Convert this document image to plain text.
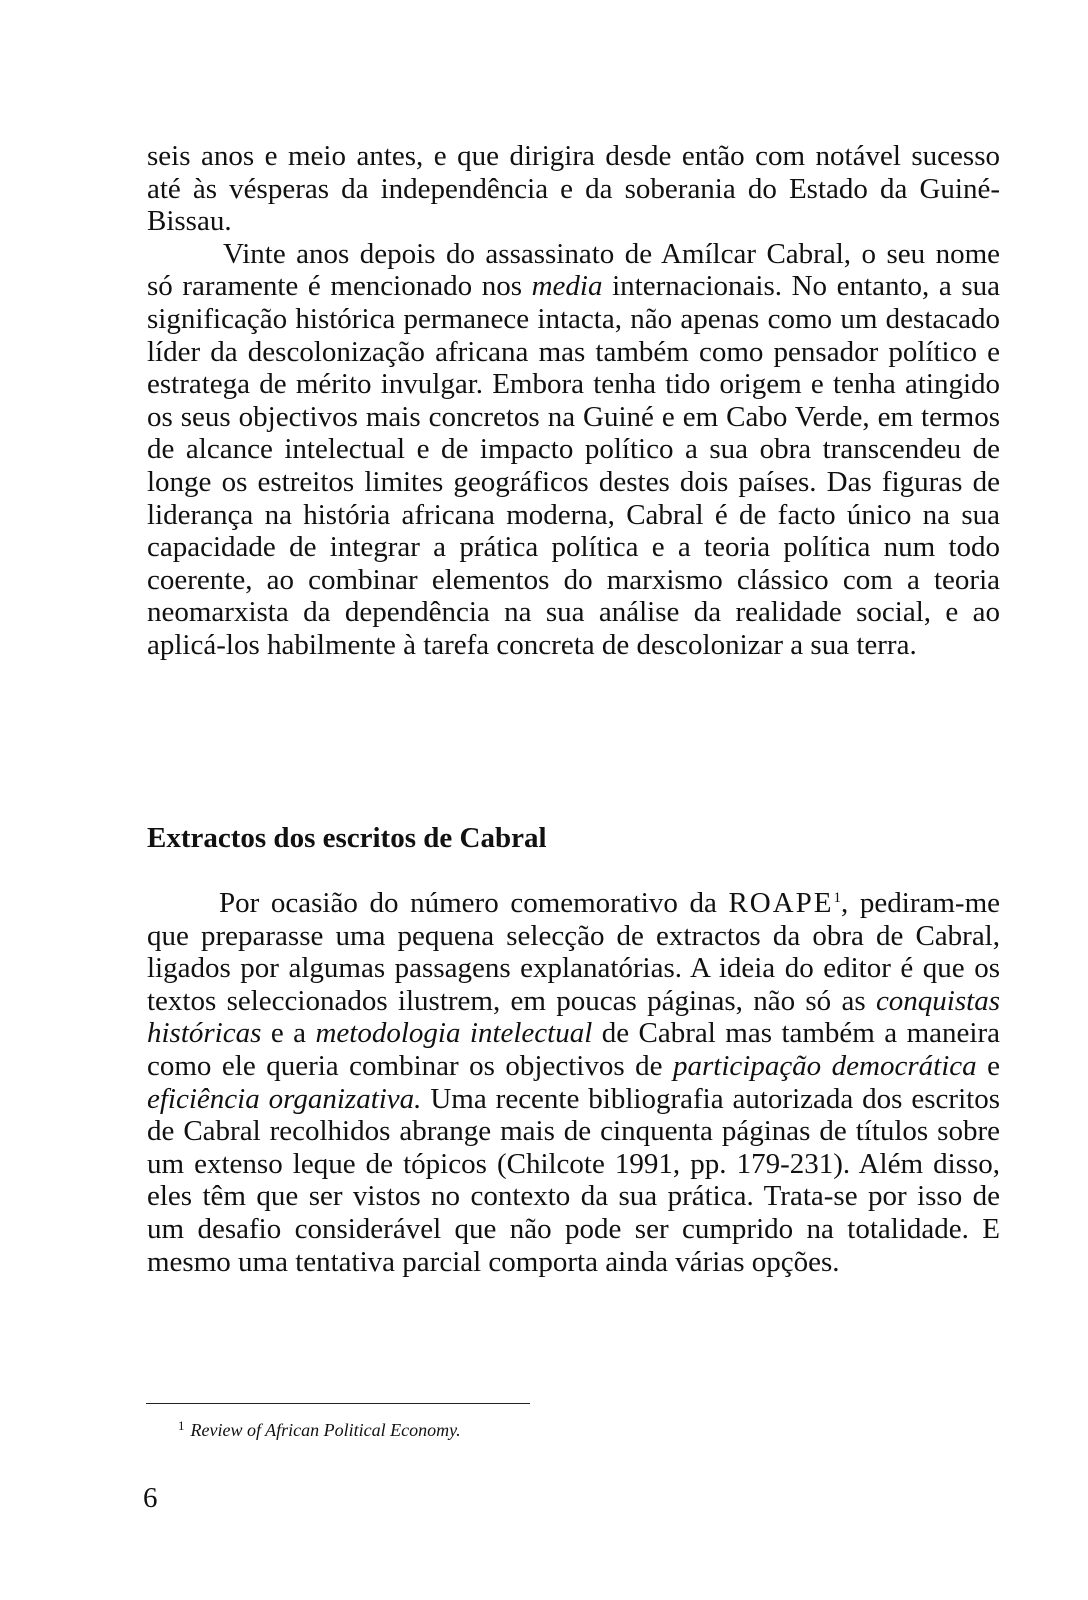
seis anos e meio antes, e que dirigira desde então com notável sucesso até às vésperas da independência e da soberania do Estado da Guiné-Bissau.

Vinte anos depois do assassinato de Amílcar Cabral, o seu nome só raramente é mencionado nos media internacionais. No entanto, a sua significação histórica permanece intacta, não apenas como um destacado líder da descolonização africana mas também como pensador político e estratega de mérito invulgar. Embora tenha tido origem e tenha atingido os seus objectivos mais concretos na Guiné e em Cabo Verde, em termos de alcance intelectual e de impacto político a sua obra transcendeu de longe os estreitos limites geográficos destes dois países. Das figuras de liderança na história africana moderna, Cabral é de facto único na sua capacidade de integrar a prática política e a teoria política num todo coerente, ao combinar elementos do marxismo clássico com a teoria neomarxista da dependência na sua análise da realidade social, e ao aplicá-los habilmente à tarefa concreta de descolonizar a sua terra.

Extractos dos escritos de Cabral

Por ocasião do número comemorativo da ROAPE$^1$, pediram-me que preparasse uma pequena selecção de extractos da obra de Cabral, ligados por algumas passagens explanatórias. A ideia do editor é que os textos seleccionados ilustrem, em poucas páginas, não só as conquistas históricas e a metodologia intelectual de Cabral mas também a maneira como ele queria combinar os objectivos de participação democrática e eficiência organizativa. Uma recente bibliografia autorizada dos escritos de Cabral recolhidos abrange mais de cinquenta páginas de títulos sobre um extenso leque de tópicos (Chilcote 1991, pp. 179-231). Além disso, eles têm que ser vistos no contexto da sua prática. Trata-se por isso de um desafio considerável que não pode ser cumprido na totalidade. E mesmo uma tentativa parcial comporta ainda várias opções.

$^1$ Review of African Political Economy.

6
